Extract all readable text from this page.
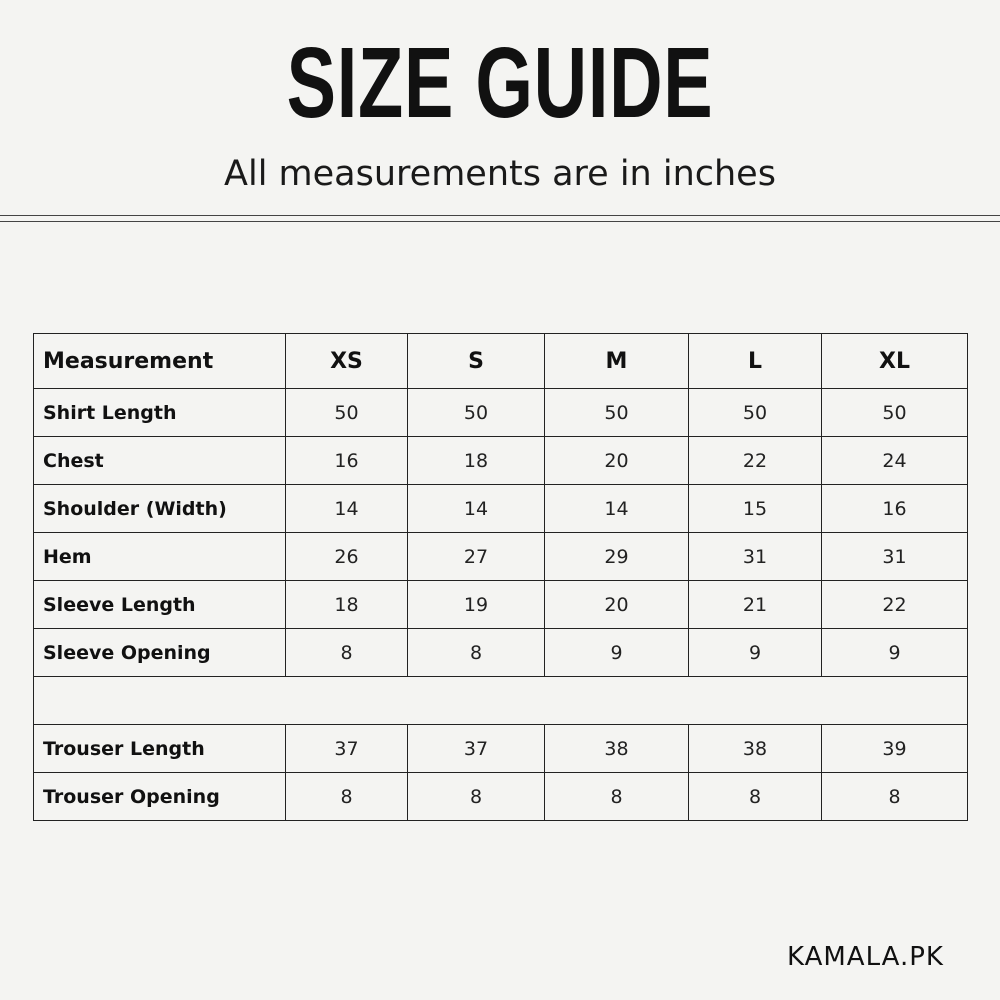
SIZE GUIDE
All measurements are in inches
Measurement	XS	S	M	L	XL
Shirt Length	50	50	50	50	50
Chest	16	18	20	22	24
Shoulder (Width)	14	14	14	15	16
Hem	26	27	29	31	31
Sleeve Length	18	19	20	21	22
Sleeve Opening	8	8	9	9	9

Trouser Length	37	37	38	38	39
Trouser Opening	8	8	8	8	8
KAMALA.PK
